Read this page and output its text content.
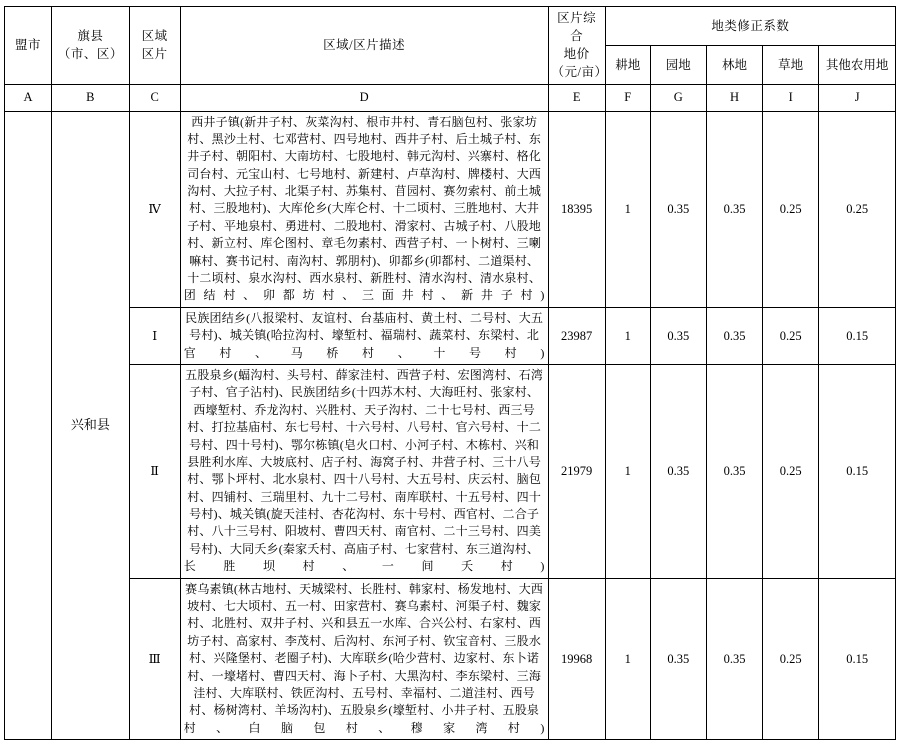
盟市	
旗县
（市、区）

区域
区片
	区域/区片描述	
区片综合
地价
（元/亩）
	地类修正系数
					耕地	园地	林地	草地	其他农用地
A	B	C	D	E	F	G	H	I	J
	兴和县	Ⅳ	西井子镇(新井子村、灰菜沟村、根市井村、青石脑包村、张家坊村、黑沙土村、七邓营村、四号地村、西井子村、后土城子村、东井子村、朝阳村、大南坊村、七股地村、韩元沟村、兴寨村、格化司台村、元宝山村、七号地村、新建村、卢草沟村、牌楼村、大西沟村、大拉子村、北渠子村、苏集村、苜园村、赛勿索村、前土城村、三股地村)、大库伦乡(大库仑村、十二顷村、三胜地村、大井子村、平地泉村、勇进村、二股地村、滑家村、古城子村、八股地村、新立村、库仑图村、章毛勿素村、西营子村、一卜树村、三喇嘛村、赛书记村、南沟村、郭朋村)、卯都乡(卯都村、二道渠村、十二顷村、泉水沟村、西水泉村、新胜村、清水沟村、清水泉村、团结村、卯都坊村、三面井村、新井子村)	18395	1	0.35	0.35	0.25	0.25
		Ⅰ	民族团结乡(八报梁村、友谊村、台基庙村、黄土村、二号村、大五号村)、城关镇(哈拉沟村、壕堑村、福瑞村、蔬菜村、东梁村、北官村、马桥村、十号村)	23987	1	0.35	0.35	0.25	0.15
		Ⅱ	五股泉乡(蝠沟村、头号村、薛家洼村、西营子村、宏图湾村、石湾子村、官子沾村)、民族团结乡(十四苏木村、大海旺村、张家村、西壕堑村、乔龙沟村、兴胜村、天子沟村、二十七号村、西三号村、打拉基庙村、东七号村、十六号村、八号村、官六号村、十二号村、四十号村)、鄂尔栋镇(皂火口村、小河子村、木栋村、兴和县胜利水库、大坡底村、店子村、海窝子村、井营子村、三十八号村、鄂卜坪村、北水泉村、四十八号村、大五号村、庆云村、脑包村、四铺村、三瑞里村、九十二号村、南库联村、十五号村、四十号村)、城关镇(旋天洼村、杏花沟村、东十号村、西官村、二合子村、八十三号村、阳坡村、曹四天村、南官村、二十三号村、四美号村)、大同夭乡(秦家夭村、高庙子村、七家营村、东三道沟村、长胜坝村、一间夭村)	21979	1	0.35	0.35	0.25	0.15
		Ⅲ	赛乌素镇(林古地村、天城梁村、长胜村、韩家村、杨发地村、大西坡村、七大顷村、五一村、田家营村、赛乌素村、河渠子村、魏家村、北胜村、双井子村、兴和县五一水库、合兴公村、右家村、西坊子村、高家村、李茂村、后沟村、东河子村、钦宝音村、三股水村、兴隆堡村、老圈子村)、大库联乡(哈少营村、边家村、东卜诺村、一壕堵村、曹四天村、海卜子村、大黑沟村、李东梁村、三海洼村、大库联村、铁匠沟村、五号村、幸福村、二道洼村、西号村、杨树湾村、羊场沟村)、五股泉乡(壕堑村、小井子村、五股泉村、白脑包村、穆家湾村)	19968	1	0.35	0.35	0.25	0.15
